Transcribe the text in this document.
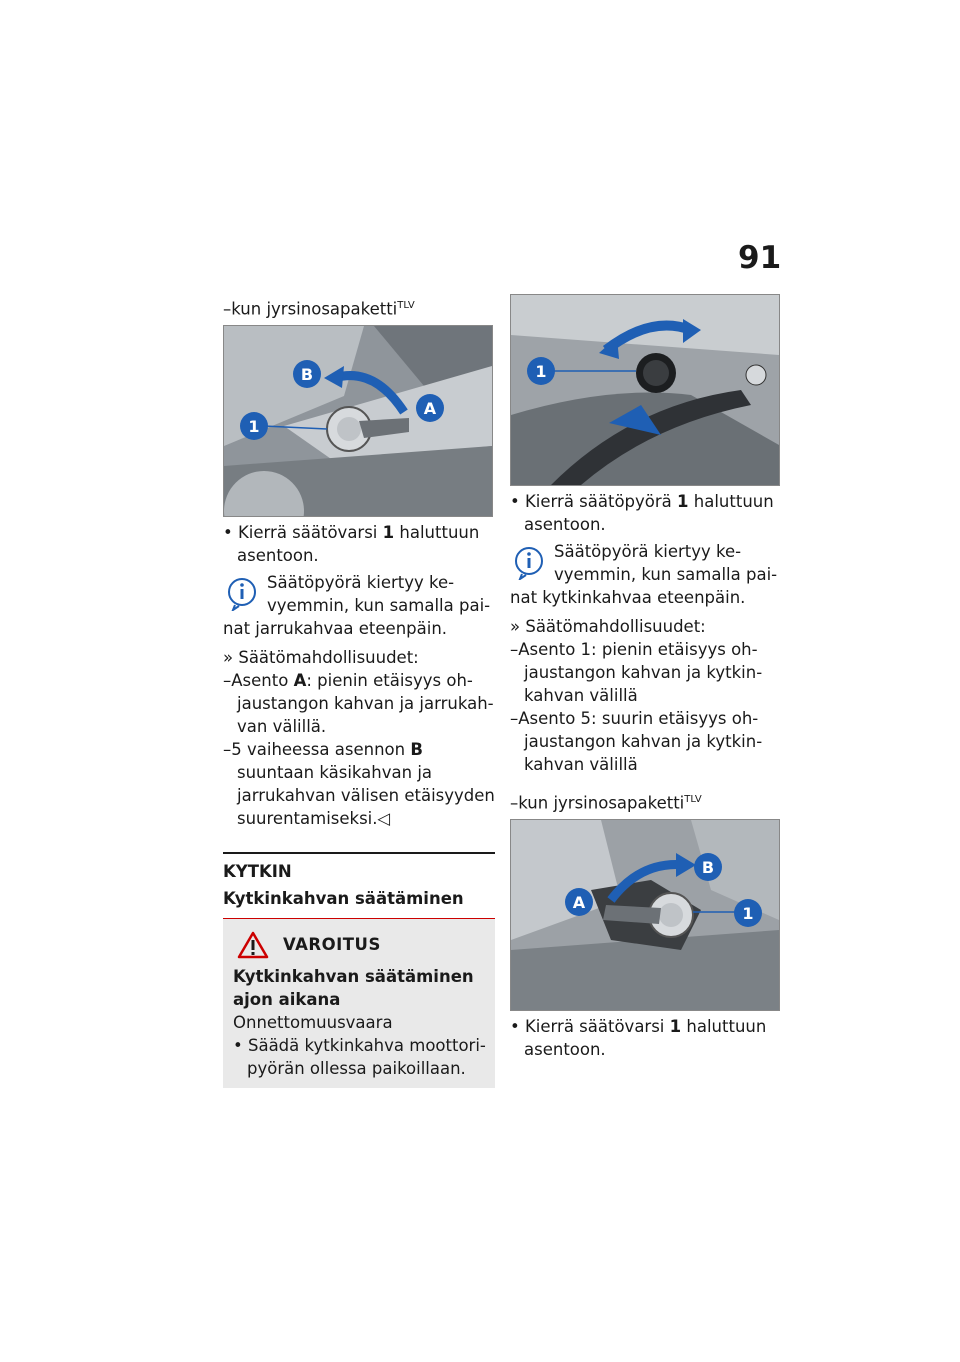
91
–kun jyrsinosapaketti$^{TLV}$
1
B
A
• Kierrä säätövarsi 1 haluttuun
asentoon.
Säätöpyörä kiertyy ke-
vyemmin, kun samalla pai-
nat jarrukahvaa eteenpäin.
» Säätömahdollisuudet:
–Asento A: pienin etäisyys oh-
jaustangon kahvan ja jarrukah-
van välillä.
–5 vaiheessa asennon B
suuntaan käsikahvan ja
jarrukahvan välisen etäisyyden
suurentamiseksi.◁
KYTKIN
Kytkinkahvan säätäminen
VAROITUS
Kytkinkahvan säätäminen
ajon aikana
Onnettomuusvaara
• Säädä kytkinkahva moottori-
pyörän ollessa paikoillaan.
1
• Kierrä säätöpyörä 1 haluttuun
asentoon.
Säätöpyörä kiertyy ke-
vyemmin, kun samalla pai-
nat kytkinkahvaa eteenpäin.
» Säätömahdollisuudet:
–Asento 1: pienin etäisyys oh-
jaustangon kahvan ja kytkin-
kahvan välillä
–Asento 5: suurin etäisyys oh-
jaustangon kahvan ja kytkin-
kahvan välillä
–kun jyrsinosapaketti$^{TLV}$
A
B
1
• Kierrä säätövarsi 1 haluttuun
asentoon.
